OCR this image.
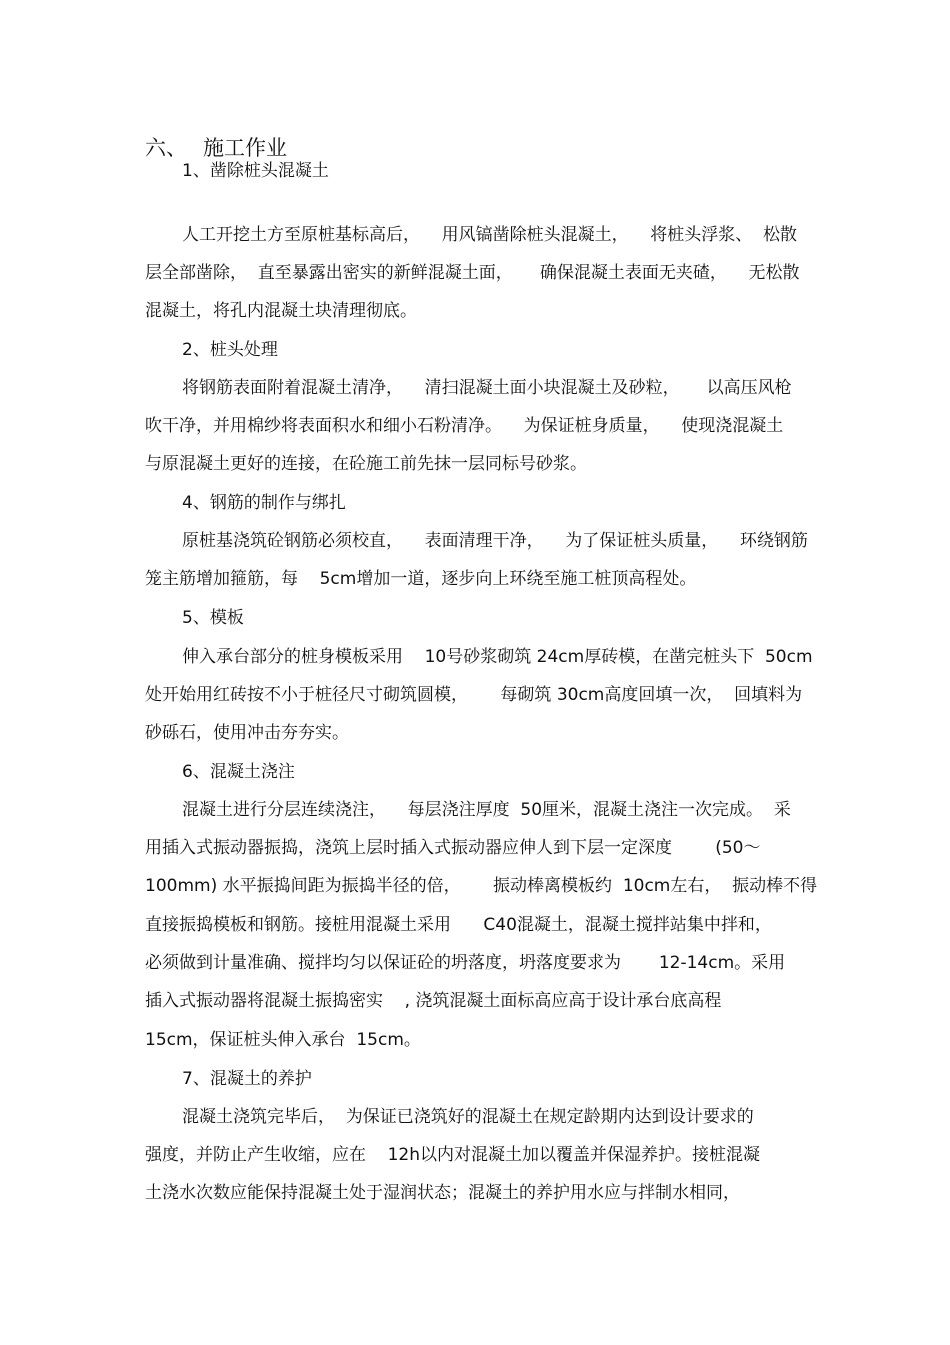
六、 施工作业
1、凿除桩头混凝土
人工开挖土方至原桩基标高后，    用风镐凿除桩头混凝土，    将桩头浮浆、  松散
层全部凿除，  直至暴露出密实的新鲜混凝土面，     确保混凝土表面无夹碴，    无松散
混凝土，将孔内混凝土块清理彻底。
2、桩头处理
将钢筋表面附着混凝土清净，    清扫混凝土面小块混凝土及砂粒，     以高压风枪
吹干净，并用棉纱将表面积水和细小石粉清净。    为保证桩身质量，    使现浇混凝土
与原混凝土更好的连接，在砼施工前先抹一层同标号砂浆。
4、钢筋的制作与绑扎
原桩基浇筑砼钢筋必须校直，    表面清理干净，    为了保证桩头质量，    环绕钢筋
笼主筋增加箍筋，每    5cm增加一道，逐步向上环绕至施工桩顶高程处。
5、模板
伸入承台部分的桩身模板采用    10号砂浆砌筑 24cm厚砖模，在凿完桩头下  50cm
处开始用红砖按不小于桩径尺寸砌筑圆模，      每砌筑 30cm高度回填一次，  回填料为
砂砾石，使用冲击夯夯实。
6、混凝土浇注
混凝土进行分层连续浇注，    每层浇注厚度  50厘米，混凝土浇注一次完成。  采
用插入式振动器振捣，浇筑上层时插入式振动器应伸人到下层一定深度        (50～
100mm) 水平振捣间距为振捣半径的倍，      振动棒离模板约  10cm左右，  振动棒不得
直接振捣模板和钢筋。接桩用混凝土采用      C40混凝土，混凝土搅拌站集中拌和，
必须做到计量准确、搅拌均匀以保证砼的坍落度，坍落度要求为       12-14cm。采用
插入式振动器将混凝土振捣密实    , 浇筑混凝土面标高应高于设计承台底高程
15cm，保证桩头伸入承台  15cm。
7、混凝土的养护
混凝土浇筑完毕后，  为保证已浇筑好的混凝土在规定龄期内达到设计要求的
强度，并防止产生收缩，应在    12h以内对混凝土加以覆盖并保湿养护。接桩混凝
土浇水次数应能保持混凝土处于湿润状态；混凝土的养护用水应与拌制水相同，
